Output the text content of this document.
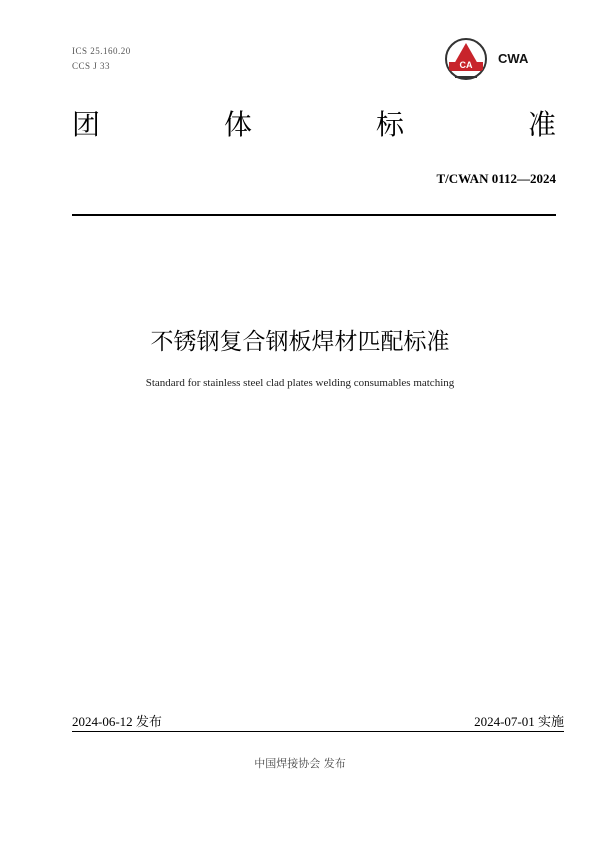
ICS 25.160.20
CCS J 33	CA CWA
团	体	标	准
T/CWAN 0112—2024
不锈钢复合钢板焊材匹配标准
Standard for stainless steel clad plates welding consumables matching
2024-06-12 发布	2024-07-01 实施
中国焊接协会 发布
